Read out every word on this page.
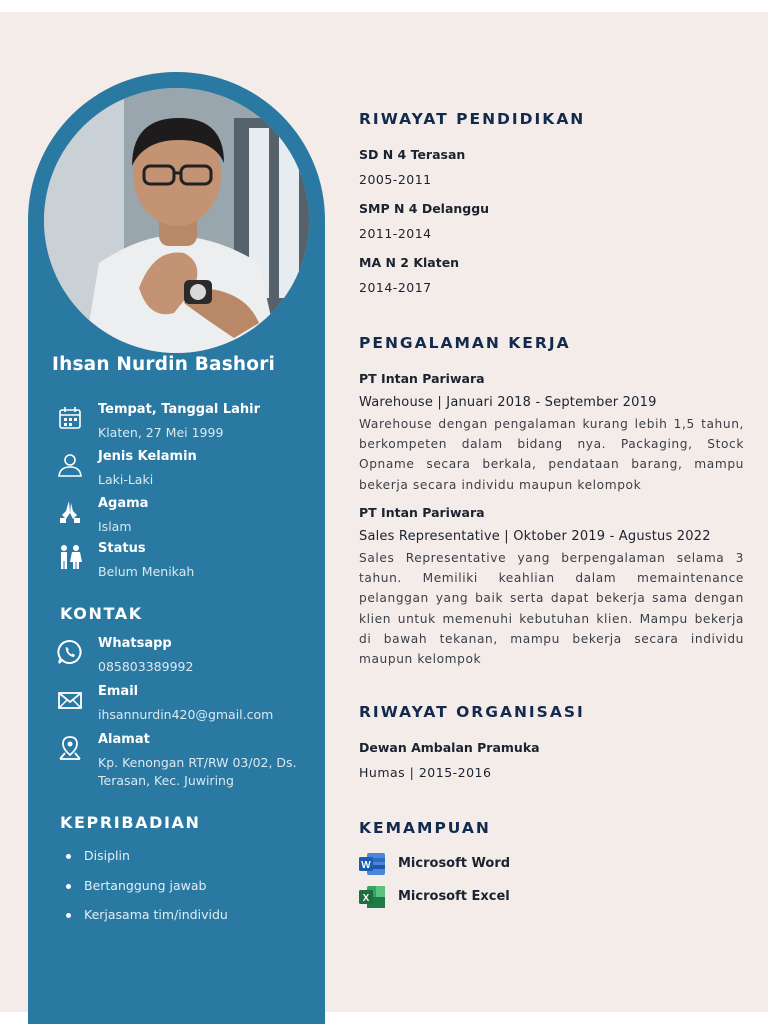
Ihsan Nurdin Bashori
Tempat, Tanggal Lahir
Klaten, 27 Mei 1999
Jenis Kelamin
Laki-Laki
Agama
Islam
Status
Belum Menikah
KONTAK
Whatsapp
085803389992
Email
ihsannurdin420@gmail.com
Alamat
Kp. Kenongan RT/RW 03/02, Ds.
Terasan, Kec. Juwiring
KEPRIBADIAN
Disiplin
Bertanggung jawab
Kerjasama tim/individu
RIWAYAT PENDIDIKAN
SD N 4 Terasan
2005-2011
SMP N 4 Delanggu
2011-2014
MA N 2 Klaten
2014-2017
PENGALAMAN KERJA
PT Intan Pariwara
Warehouse | Januari 2018 - September 2019

Warehouse dengan pengalaman kurang lebih 1,5 tahun, berkompeten dalam bidang nya. Packaging, Stock Opname secara berkala, pendataan barang, mampu bekerja secara individu maupun kelompok

PT Intan Pariwara
Sales Representative | Oktober 2019 - Agustus 2022

Sales Representative yang berpengalaman selama 3 tahun. Memiliki keahlian dalam memaintenance pelanggan yang baik serta dapat bekerja sama dengan klien untuk memenuhi kebutuhan klien. Mampu bekerja di bawah tekanan, mampu bekerja secara individu maupun kelompok

RIWAYAT ORGANISASI
Dewan Ambalan Pramuka
Humas | 2015-2016
KEMAMPUAN
W Microsoft Word
X Microsoft Excel
